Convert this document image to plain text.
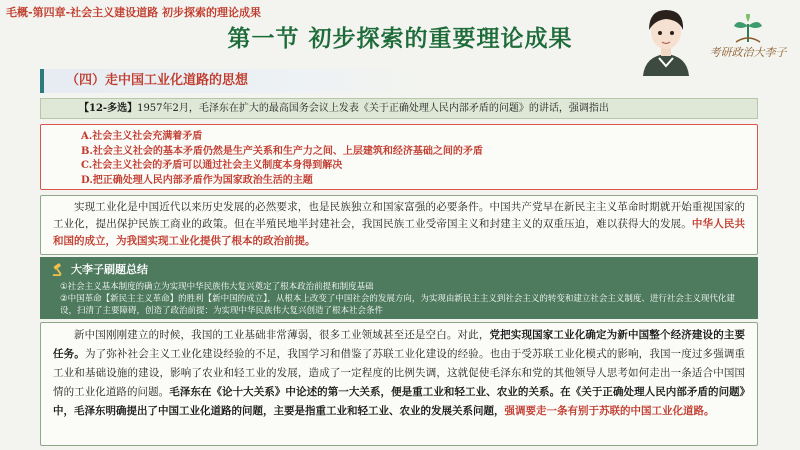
毛概-第四章-社会主义建设道路 初步探索的理论成果
第一节 初步探索的重要理论成果
考研政治大李子
（四）走中国工业化道路的思想
【12-多选】1957年2月，毛泽东在扩大的最高国务会议上发表《关于正确处理人民内部矛盾的问题》的讲话，强调指出
A.社会主义社会充满着矛盾
B.社会主义社会的基本矛盾仍然是生产关系和生产力之间、上层建筑和经济基础之间的矛盾
C.社会主义社会的矛盾可以通过社会主义制度本身得到解决
D.把正确处理人民内部矛盾作为国家政治生活的主题
实现工业化是中国近代以来历史发展的必然要求，也是民族独立和国家富强的必要条件。中国共产党早在新民主主义革命时期就开始重视国家的工业化，提出保护民族工商业的政策。但在半殖民地半封建社会，我国民族工业受帝国主义和封建主义的双重压迫，难以获得大的发展。中华人民共和国的成立，为我国实现工业化提供了根本的政治前提。
大李子刷题总结
①社会主义基本制度的确立为实现中华民族伟大复兴奠定了根本政治前提和制度基础
②中国革命【新民主主义革命】的胜利【新中国的成立】，从根本上改变了中国社会的发展方向，为实现由新民主主义到社会主义的转变和建立社会主义制度、进行社会主义现代化建设，扫清了主要障碍，创造了政治前提：为实现中华民族伟大复兴创造了根本社会条件
新中国刚刚建立的时候，我国的工业基础非常薄弱，很多工业领域甚至还是空白。对此，党把实现国家工业化确定为新中国整个经济建设的主要任务。为了弥补社会主义工业化建设经验的不足，我国学习和借鉴了苏联工业化建设的经验。也由于受苏联工业化模式的影响，我国一度过多强调重工业和基础设施的建设，影响了农业和轻工业的发展，造成了一定程度的比例失调，这就促使毛泽东和党的其他领导人思考如何走出一条适合中国国情的工业化道路的问题。毛泽东在《论十大关系》中论述的第一大关系，便是重工业和轻工业、农业的关系。在《关于正确处理人民内部矛盾的问题》中，毛泽东明确提出了中国工业化道路的问题，主要是指重工业和轻工业、农业的发展关系问题，强调要走一条有别于苏联的中国工业化道路。
